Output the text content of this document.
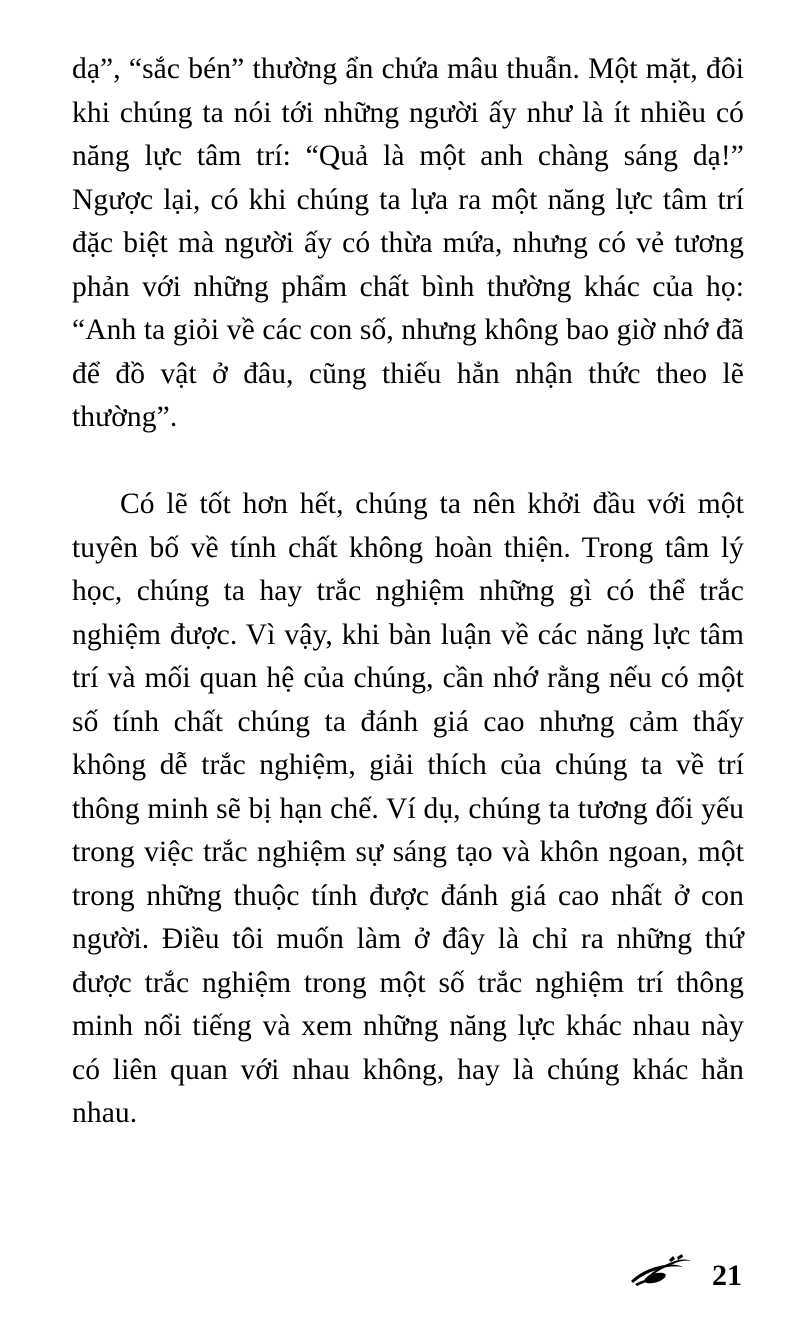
dạ”, “sắc bén” thường ẩn chứa mâu thuẫn. Một mặt, đôi khi chúng ta nói tới những người ấy như là ít nhiều có năng lực tâm trí: “Quả là một anh chàng sáng dạ!” Ngược lại, có khi chúng ta lựa ra một năng lực tâm trí đặc biệt mà người ấy có thừa mứa, nhưng có vẻ tương phản với những phẩm chất bình thường khác của họ: “Anh ta giỏi về các con số, nhưng không bao giờ nhớ đã để đồ vật ở đâu, cũng thiếu hẳn nhận thức theo lẽ thường”.

Có lẽ tốt hơn hết, chúng ta nên khởi đầu với một tuyên bố về tính chất không hoàn thiện. Trong tâm lý học, chúng ta hay trắc nghiệm những gì có thể trắc nghiệm được. Vì vậy, khi bàn luận về các năng lực tâm trí và mối quan hệ của chúng, cần nhớ rằng nếu có một số tính chất chúng ta đánh giá cao nhưng cảm thấy không dễ trắc nghiệm, giải thích của chúng ta về trí thông minh sẽ bị hạn chế. Ví dụ, chúng ta tương đối yếu trong việc trắc nghiệm sự sáng tạo và khôn ngoan, một trong những thuộc tính được đánh giá cao nhất ở con người. Điều tôi muốn làm ở đây là chỉ ra những thứ được trắc nghiệm trong một số trắc nghiệm trí thông minh nổi tiếng và xem những năng lực khác nhau này có liên quan với nhau không, hay là chúng khác hẳn nhau.

21
